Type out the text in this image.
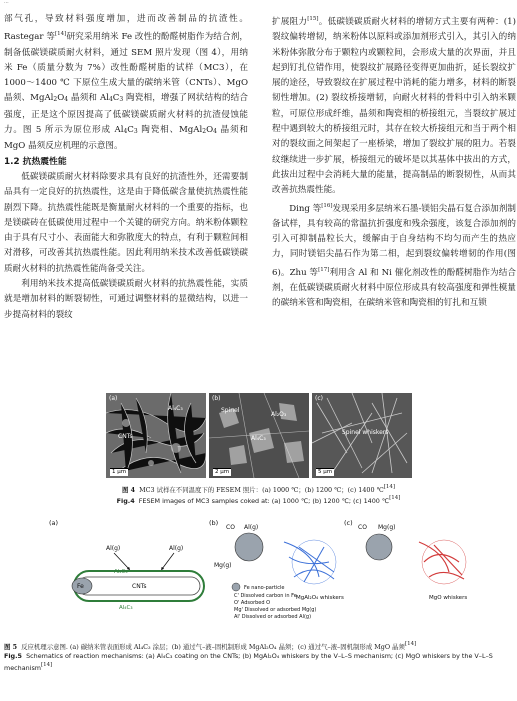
...

部气孔，导致材料强度增加，进而改善制品的抗渣性。Rastegar 等[14]研究采用纳米 Fe 改性的酚醛树脂作为结合剂，制备低碳镁碳质耐火材料，通过 SEM 照片发现（图 4），用纳米 Fe（质量分数为 7%）改性酚醛树脂的试样（MC3），在 1000～1400 ℃ 下原位生成大量的碳纳米管（CNTs）、MgO 晶须、$MgAl_2O_4$ 晶须和 $Al_4C_3$ 陶瓷相，增强了网状结构的结合强度，正是这个原因提高了低碳镁碳质耐火材料的抗渣侵蚀能力。图 5 所示为原位形成 $Al_4C_3$ 陶瓷相、$MgAl_2O_4$ 晶须和 MgO 晶须反应机理的示意图。

1.2 抗热震性能

低碳镁碳质耐火材料除要求具有良好的抗渣性外，还需要制品具有一定良好的抗热震性，这是由于降低碳含量使抗热震性能剧烈下降。抗热震性能既是衡量耐火材料的一个重要的指标，也是镁碳砖在低碳使用过程中一个关键的研究方向。纳米粉体颗粒由于具有尺寸小、表面能大和弥散度大的特点，有利于颗粒间相对滑移，可改善其抗热震性能。因此利用纳米技术改善低碳镁碳质耐火材料的抗热震性能尚备受关注。

利用纳米技术提高低碳镁碳质耐火材料的抗热震性能，实质就是增加材料的断裂韧性，可通过调整材料的显微结构，以进一步提高材料的裂纹

扩展阻力[15]。低碳镁碳质耐火材料的增韧方式主要有两种：(1) 裂纹偏转增韧，纳米粉体以原料或添加剂形式引入，其引入的纳米粉体弥散分布于颗粒内或颗粒间，会形成大量的次界面，并且起到钉扎位错作用，使裂纹扩展路径变得更加曲折，延长裂纹扩展的途径，导致裂纹在扩展过程中消耗的能力增多，材料的断裂韧性增加。(2) 裂纹桥接增韧，向耐火材料的骨料中引入纳米颗粒，可原位形成纤维，晶须和陶瓷相的桥接组元，当裂纹扩展过程中遇到较大的桥接组元时，其存在较大桥接组元和当于两个相对的裂纹面之间架起了一座桥梁，增加了裂纹扩展的阻力。若裂纹继续进一步扩展，桥接组元的破坏是以其基体中拔出的方式，此拔出过程中会消耗大量的能量，提高制品的断裂韧性，从而其改善抗热震性能。

Ding 等[16]发现采用多层纳米石墨-镁铝尖晶石复合添加剂制备试样，具有较高的常温抗折强度和残余强度，该复合添加剂的引入可抑制晶粒长大，缓解由于自身结构不均匀而产生的热应力，同时镁铝尖晶石作为第二相，起到裂纹偏转增韧的作用(图 6)。Zhu 等[17]利用含 Al 和 Ni 催化剂改性的酚醛树脂作为结合剂，在低碳镁碳质耐火材料中原位形成具有较高强度和弹性模量的碳纳米管和陶瓷相，在碳纳米管和陶瓷相的钉扎和互锁

(a)
Al₄C₃
CNTs
1 μm
(b)
Spinel
Al₂O₃
Al₄C₃
2 μm
(c)
Spinel whiskers
5 μm
图 4 MC3 试样在不同温度下的 FESEM 照片：(a) 1000 ℃；(b) 1200 ℃；(c) 1400 ℃[14]
Fig.4 FESEM images of MC3 samples coked at: (a) 1000 ℃; (b) 1200 ℃; (c) 1400 ℃[14]
(a)
Al(g)	Al(g)
Al₄C₃
Fe	CNTs
Al₄C₃
(b)
CO Al(g)
Mg(g)
MgAl₂O₄ whiskers
Fe nano-particle
C' Dissolved carbon in Fe
O' Adsorbed O
Mg' Dissolved or adsorbed Mg(g)
Al' Dissolved or adsorbed Al(g)
(c)
CO Mg(g)
MgO whiskers
图 5 反应机理示意图. (a) 碳纳米管表面形成 Al₄C₃ 涂层；(b) 通过气–液–固机制形成 MgAl₂O₄ 晶须；(c) 通过气–液–固机制形成 MgO 晶须[14]
Fig.5 Schematics of reaction mechanisms: (a) Al₄C₃ coating on the CNTs; (b) MgAl₂O₄ whiskers by the V–L–S mechanism; (c) MgO whiskers by the V–L–S mechanism[14]
